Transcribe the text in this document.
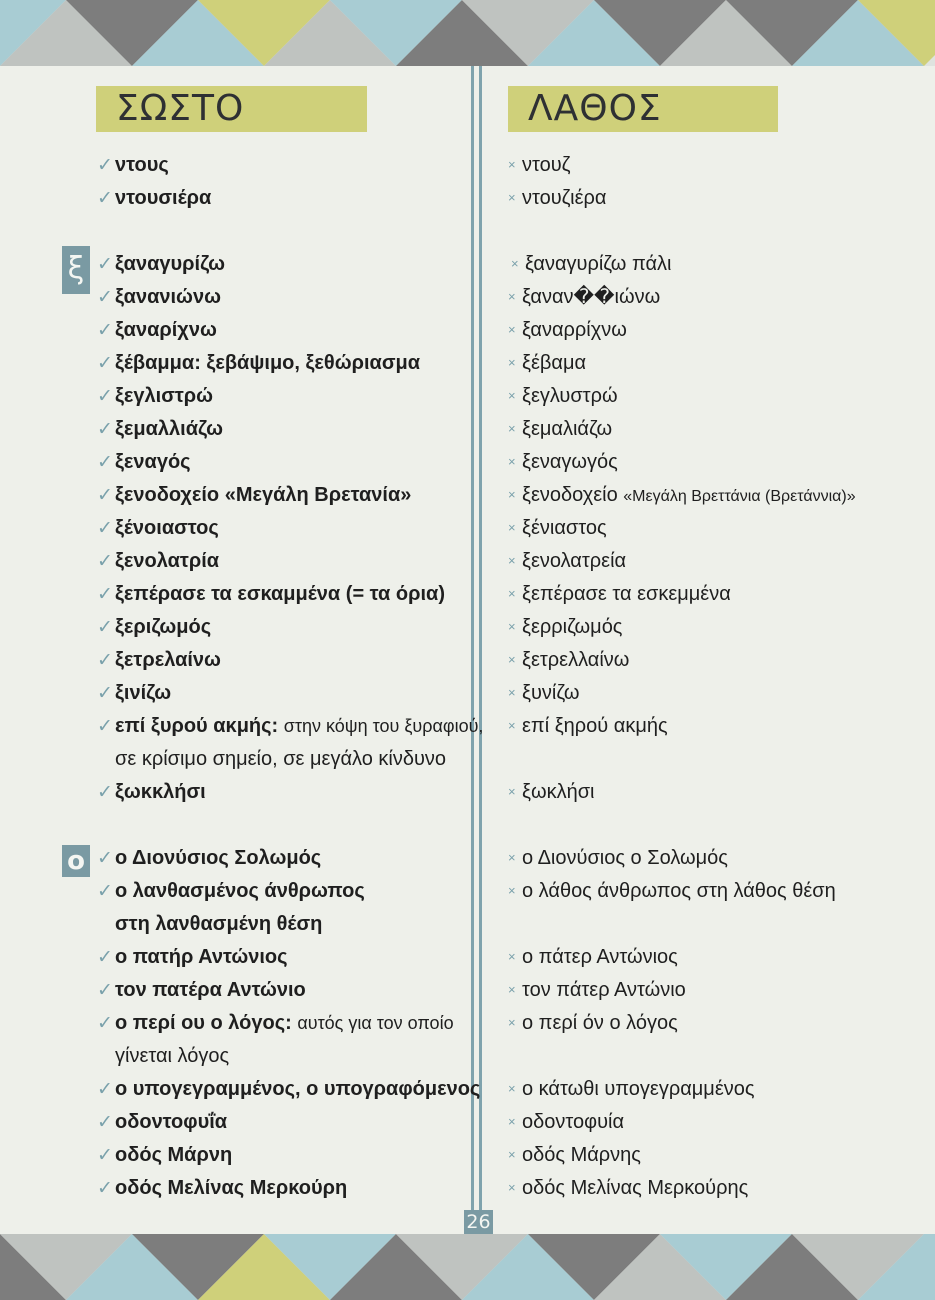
ΣΩΣΤΟ	ΛΑΘΟΣ
ξ
ο
✓ ντους
✓ ντουσιέρα
✓ ξαναγυρίζω
✓ ξανανιώνω
✓ ξαναρίχνω
✓ ξέβαμμα: ξεβάψιμο, ξεθώριασμα
✓ ξεγλιστρώ
✓ ξεμαλλιάζω
✓ ξεναγός
✓ ξενοδοχείο «Μεγάλη Βρετανία»
✓ ξένοιαστος
✓ ξενολατρία
✓ ξεπέρασε τα εσκαμμένα (= τα όρια)
✓ ξεριζωμός
✓ ξετρελαίνω
✓ ξινίζω
✓ επί ξυρού ακμής: στην κόψη του ξυραφιού,
σε κρίσιμο σημείο, σε μεγάλο κίνδυνο
✓ ξωκκλήσι
✓ ο Διονύσιος Σολωμός
✓ ο λανθασμένος άνθρωπος
στη λανθασμένη θέση
✓ ο πατήρ Αντώνιος
✓ τον πατέρα Αντώνιο
✓ ο περί ου ο λόγος: αυτός για τον οποίο
γίνεται λόγος
✓ ο υπογεγραμμένος, ο υπογραφόμενος
✓ οδοντοφυΐα
✓ οδός Μάρνη
✓ οδός Μελίνας Μερκούρη
× ντουζ
× ντουζιέρα
× ξαναγυρίζω πάλι
× ξαναν��ιώνω
× ξαναρρίχνω
× ξέβαμα
× ξεγλυστρώ
× ξεμαλιάζω
× ξεναγωγός
× ξενοδοχείο «Μεγάλη Βρεττάνια (Βρετάννια)»
× ξένιαστος
× ξενολατρεία
× ξεπέρασε τα εσκεμμένα
× ξερριζωμός
× ξετρελλαίνω
× ξυνίζω
× επί ξηρού ακμής
× ξωκλήσι
× ο Διονύσιος ο Σολωμός
× ο λάθος άνθρωπος στη λάθος θέση
× ο πάτερ Αντώνιος
× τον πάτερ Αντώνιο
× ο περί όν ο λόγος
× ο κάτωθι υπογεγραμμένος
× οδοντοφυία
× οδός Μάρνης
× οδός Μελίνας Μερκούρης
26
